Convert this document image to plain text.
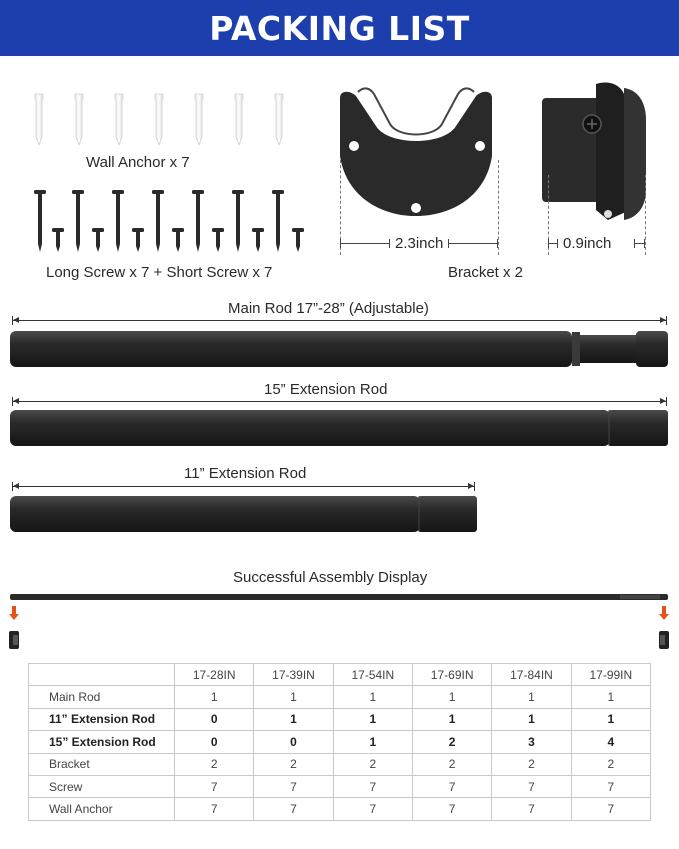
PACKING LIST
Wall Anchor x 7
Long Screw x 7 + Short Screw x 7
2.3inch
Bracket x 2
0.9inch
Main Rod 17”-28” (Adjustable)
15” Extension Rod
11” Extension Rod
Successful Assembly Display
	17-28IN	17-39IN	17-54IN	17-69IN	17-84IN	17-99IN
Main Rod	1	1	1	1	1	1
11” Extension Rod	0	1	1	1	1	1
15” Extension Rod	0	0	1	2	3	4
Bracket	2	2	2	2	2	2
Screw	7	7	7	7	7	7
Wall Anchor	7	7	7	7	7	7
